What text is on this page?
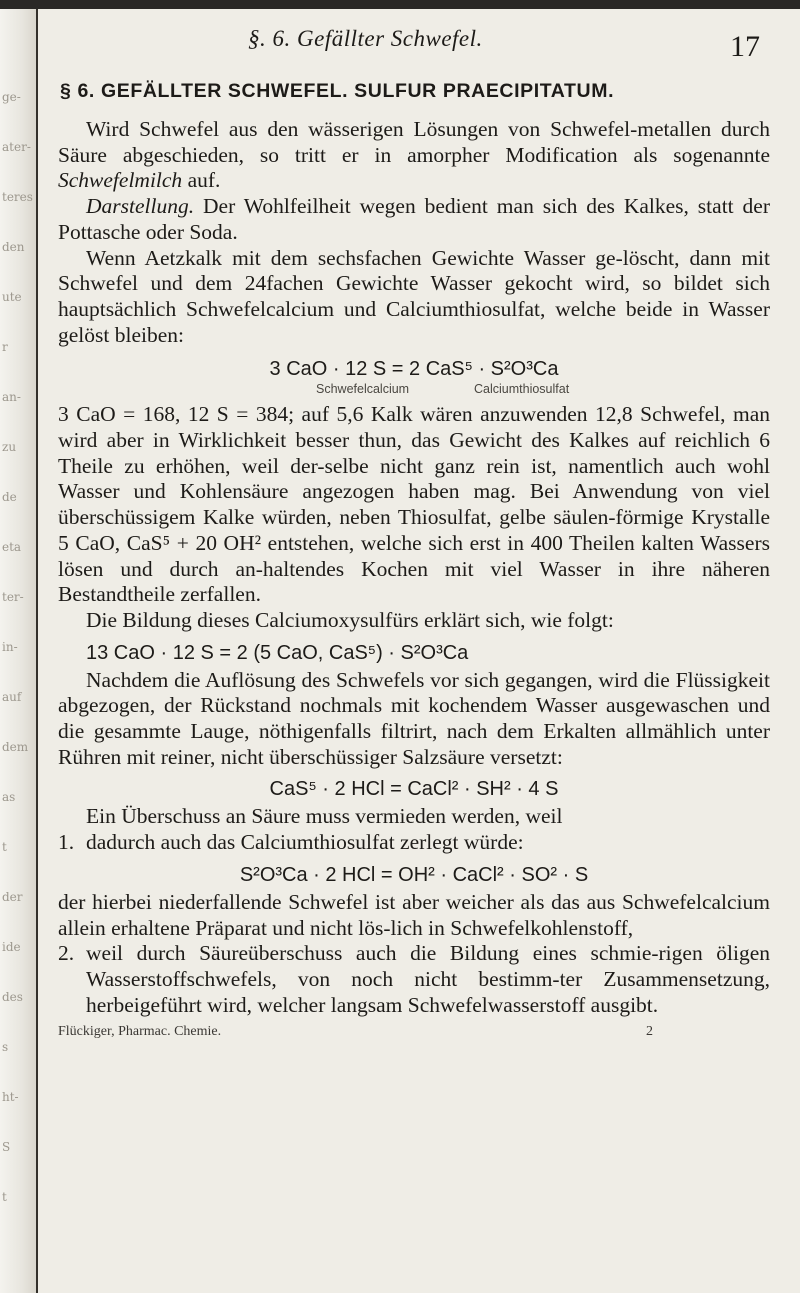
ge-
ater-
teres
den
ute
r
an-
zu
de
eta
ter-
in-
auf
dem
as
t
der
ide
des
s
ht-
S
t
§. 6. Gefällter Schwefel.	17
§ 6. GEFÄLLTER SCHWEFEL. SULFUR PRAECIPITATUM.

Wird Schwefel aus den wässerigen Lösungen von Schwefel-metallen durch Säure abgeschieden, so tritt er in amorpher Modification als sogenannte Schwefelmilch auf.

Darstellung. Der Wohlfeilheit wegen bedient man sich des Kalkes, statt der Pottasche oder Soda.

Wenn Aetzkalk mit dem sechsfachen Gewichte Wasser ge-löscht, dann mit Schwefel und dem 24fachen Gewichte Wasser gekocht wird, so bildet sich hauptsächlich Schwefelcalcium und Calciumthiosulfat, welche beide in Wasser gelöst bleiben:

3 CaO · 12 S = 2 CaS⁵ · S²O³Ca
Schwefelcalcium	Calciumthiosulfat

3 CaO = 168, 12 S = 384; auf 5,6 Kalk wären anzuwenden 12,8 Schwefel, man wird aber in Wirklichkeit besser thun, das Gewicht des Kalkes auf reichlich 6 Theile zu erhöhen, weil der-selbe nicht ganz rein ist, namentlich auch wohl Wasser und Kohlensäure angezogen haben mag. Bei Anwendung von viel überschüssigem Kalke würden, neben Thiosulfat, gelbe säulen-förmige Krystalle 5 CaO, CaS⁵ + 20 OH² entstehen, welche sich erst in 400 Theilen kalten Wassers lösen und durch an-haltendes Kochen mit viel Wasser in ihre näheren Bestandtheile zerfallen.

Die Bildung dieses Calciumoxysulfürs erklärt sich, wie folgt:

13 CaO · 12 S = 2 (5 CaO, CaS⁵) · S²O³Ca

Nachdem die Auflösung des Schwefels vor sich gegangen, wird die Flüssigkeit abgezogen, der Rückstand nochmals mit kochendem Wasser ausgewaschen und die gesammte Lauge, nöthigenfalls filtrirt, nach dem Erkalten allmählich unter Rühren mit reiner, nicht überschüssiger Salzsäure versetzt:

CaS⁵ · 2 HCl = CaCl² · SH² · 4 S

Ein Überschuss an Säure muss vermieden werden, weil

1. dadurch auch das Calciumthiosulfat zerlegt würde:

S²O³Ca · 2 HCl = OH² · CaCl² · SO² · S

der hierbei niederfallende Schwefel ist aber weicher als das aus Schwefelcalcium allein erhaltene Präparat und nicht lös-lich in Schwefelkohlenstoff,

2. weil durch Säureüberschuss auch die Bildung eines schmie-rigen öligen Wasserstoffschwefels, von noch nicht bestimm-ter Zusammensetzung, herbeigeführt wird, welcher langsam Schwefelwasserstoff ausgibt.

Flückiger, Pharmac. Chemie.	2
